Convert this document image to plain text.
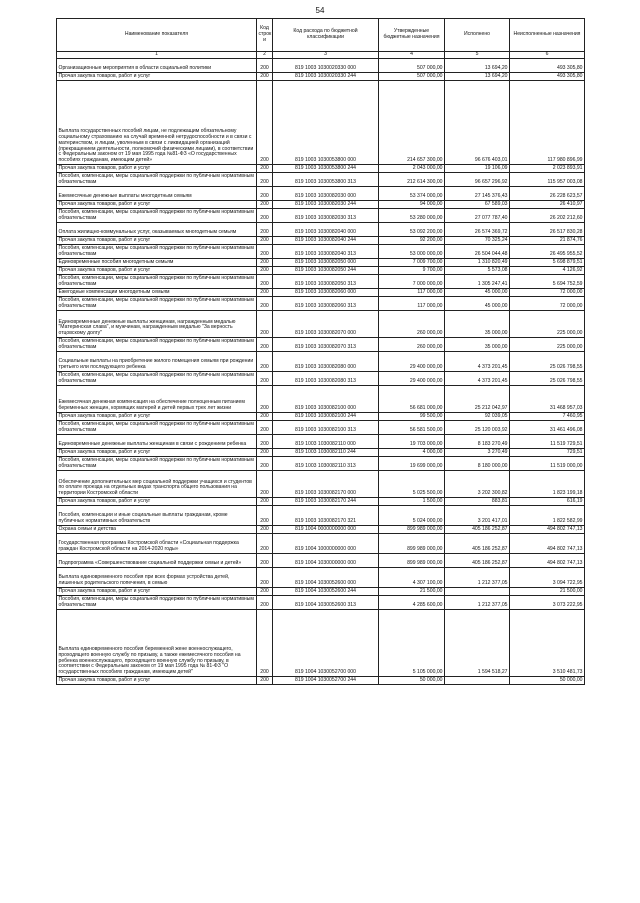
54
Наименование показателя	Код строк и	Код расхода по бюджетной классификации	Утвержденные бюджетные назначения	Исполнено	Неисполненные назначения
1	2	3	4	5	6
Организационные мероприятия в области социальной политики	200	819 1003 1030020330 000	507 000,00	13 694,20	493 305,80
Прочая закупка товаров, работ и услуг	200	819 1003 1030020330 244	507 000,00	13 694,20	493 305,80
Выплата государственных пособий лицам, не подлежащим обязательному социальному страхованию на случай временной нетрудоспособности и в связи с материнством, и лицам, уволенным в связи с ликвидацией организаций (прекращением деятельности, полномочий физическими лицами), в соответствии с Федеральным законом от 19 мая 1995 года №81-ФЗ «О государственных пособиях гражданам, имеющим детей»	200	819 1003 1030053800 000	214 657 300,00	96 676 403,01	117 980 896,99
Прочая закупка товаров, работ и услуг	200	819 1003 1030053800 244	2 043 000,00	19 106,09	2 023 893,91
Пособия, компенсации, меры социальной поддержки по публичным нормативным обязательствам	200	819 1003 1030053800 313	212 614 300,00	96 657 296,92	115 957 003,08
Ежемесячные денежные выплаты многодетным семьям	200	819 1003 1030082030 000	53 374 000,00	27 145 376,43	26 228 623,57
Прочая закупка товаров, работ и услуг	200	819 1003 1030082030 244	94 000,00	67 589,03	26 410,97
Пособия, компенсации, меры социальной поддержки по публичным нормативным обязательствам	200	819 1003 1030082030 313	53 280 000,00	27 077 787,40	26 202 212,60
Оплата жилищно-коммунальных услуг, оказываемых многодетным семьям	200	819 1003 1030082040 000	53 092 200,00	26 574 369,72	26 517 830,28
Прочая закупка товаров, работ и услуг	200	819 1003 1030082040 244	92 200,00	70 325,24	21 874,76
Пособия, компенсации, меры социальной поддержки по публичным нормативным обязательствам	200	819 1003 1030082040 313	53 000 000,00	26 504 044,48	26 495 955,52
Единовременные пособия многодетным семьям	200	819 1003 1030082050 000	7 009 700,00	1 310 820,49	5 698 879,51
Прочая закупка товаров, работ и услуг	200	819 1003 1030082050 244	9 700,00	5 573,08	4 126,92
Пособия, компенсации, меры социальной поддержки по публичным нормативным обязательствам	200	819 1003 1030082050 313	7 000 000,00	1 305 247,41	5 694 752,59
Ежегодные компенсации многодетным семьям	200	819 1003 1030082060 000	117 000,00	45 000,00	72 000,00
Пособия, компенсации, меры социальной поддержки по публичным нормативным обязательствам	200	819 1003 1030082060 313	117 000,00	45 000,00	72 000,00
Единовременные денежные выплаты женщинам, награжденным медалью "Материнская слава", и мужчинам, награжденным медалью "За верность отцовскому долгу"	200	819 1003 1030082070 000	260 000,00	35 000,00	225 000,00
Пособия, компенсации, меры социальной поддержки по публичным нормативным обязательствам	200	819 1003 1030082070 313	260 000,00	35 000,00	225 000,00
Социальные выплаты на приобретение жилого помещения семьям при рождении третьего или последующего ребенка	200	819 1003 1030082080 000	29 400 000,00	4 373 201,45	25 026 798,55
Пособия, компенсации, меры социальной поддержки по публичным нормативным обязательствам	200	819 1003 1030082080 313	29 400 000,00	4 373 201,45	25 026 798,55
Ежемесячная денежная компенсация на обеспечение полноценным питанием беременных женщин, кормящих матерей и детей первых трех лет жизни	200	819 1003 1030082100 000	56 681 000,00	25 212 042,97	31 468 957,03
Прочая закупка товаров, работ и услуг	200	819 1003 1030082100 244	99 500,00	92 039,05	7 460,95
Пособия, компенсации, меры социальной поддержки по публичным нормативным обязательствам	200	819 1003 1030082100 313	56 581 500,00	25 120 003,92	31 461 496,08
Единовременные денежные выплаты женщинам в связи с рождением ребенка	200	819 1003 1030082110 000	19 703 000,00	8 183 270,49	11 519 729,51
Прочая закупка товаров, работ и услуг	200	819 1003 1030082110 244	4 000,00	3 270,49	729,51
Пособия, компенсации, меры социальной поддержки по публичным нормативным обязательствам	200	819 1003 1030082110 313	19 699 000,00	8 180 000,00	11 519 000,00
Обеспечение дополнительных мер социальной поддержки учащихся и студентов по оплате проезда на отдельных видах транспорта общего пользования на территории Костромской области	200	819 1003 1030082170 000	5 025 500,00	3 202 300,82	1 823 199,18
Прочая закупка товаров, работ и услуг	200	819 1003 1030082170 244	1 500,00	883,81	616,19
Пособия, компенсации и иные социальные выплаты гражданам, кроме публичных нормативных обязательств	200	819 1003 1030082170 321	5 024 000,00	3 201 417,01	1 822 582,99
Охрана семьи и детства	200	819 1004 0000000000 000	899 989 000,00	405 186 252,87	494 802 747,13
Государственная программа Костромской области «Социальная поддержка граждан Костромской области на 2014-2020 годы»	200	819 1004 1000000000 000	899 989 000,00	405 186 252,87	494 802 747,13
Подпрограмма «Совершенствование социальной поддержки семьи и детей»	200	819 1004 1030000000 000	899 989 000,00	405 186 252,87	494 802 747,13
Выплата единовременного пособия при всех формах устройства детей, лишенных родительского попечения, в семью	200	819 1004 1030052600 000	4 307 100,00	1 212 377,05	3 094 722,95
Прочая закупка товаров, работ и услуг	200	819 1004 1030052600 244	21 500,00		21 500,00
Пособия, компенсации, меры социальной поддержки по публичным нормативным обязательствам	200	819 1004 1030052600 313	4 285 600,00	1 212 377,05	3 073 222,95
Выплата единовременного пособия беременной жене военнослужащего, проходящего военную службу по призыву, а также ежемесячного пособия на ребенка военнослужащего, проходящего военную службу по призыву, в соответствии с Федеральным законом от 19 мая 1995 года № 81-ФЗ "О государственных пособиях гражданам, имеющим детей"	200	819 1004 1030052700 000	5 105 000,00	1 594 518,27	3 510 481,73
Прочая закупка товаров, работ и услуг	200	819 1004 1030052700 244	50 000,00		50 000,00
